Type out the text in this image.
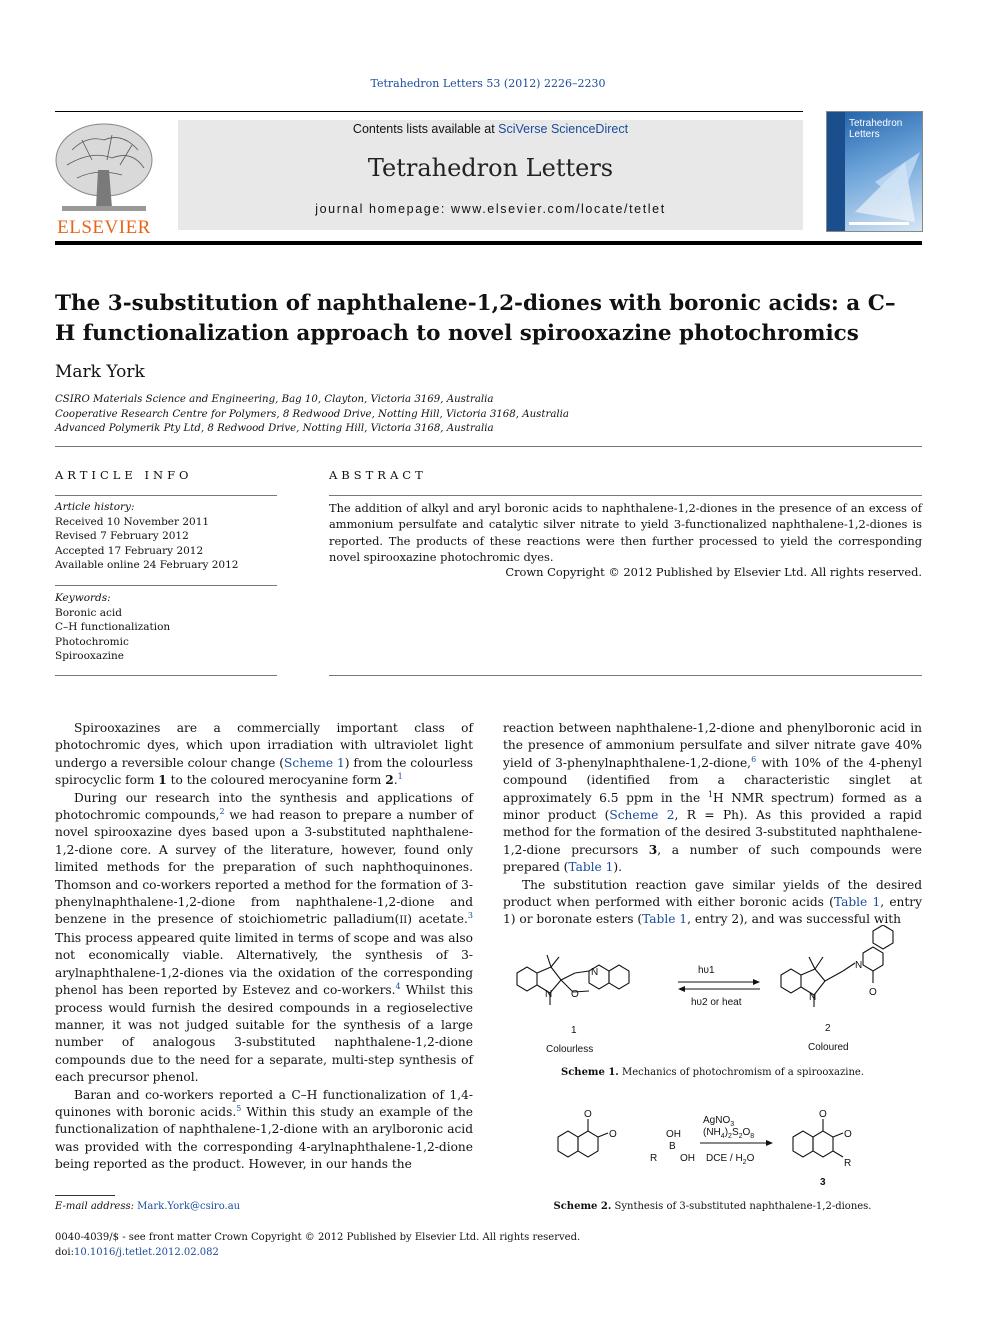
Tetrahedron Letters 53 (2012) 2226–2230
ELSEVIER
Contents lists available at SciVerse ScienceDirect
Tetrahedron Letters
journal homepage: www.elsevier.com/locate/tetlet
Tetrahedron
Letters
The 3-substitution of naphthalene-1,2-diones with boronic acids: a C–H functionalization approach to novel spirooxazine photochromics
Mark York
CSIRO Materials Science and Engineering, Bag 10, Clayton, Victoria 3169, Australia
Cooperative Research Centre for Polymers, 8 Redwood Drive, Notting Hill, Victoria 3168, Australia
Advanced Polymerik Pty Ltd, 8 Redwood Drive, Notting Hill, Victoria 3168, Australia
ARTICLE INFO
Article history:
Received 10 November 2011
Revised 7 February 2012
Accepted 17 February 2012
Available online 24 February 2012
Keywords:
Boronic acid
C–H functionalization
Photochromic
Spirooxazine
ABSTRACT
The addition of alkyl and aryl boronic acids to naphthalene-1,2-diones in the presence of an excess of ammonium persulfate and catalytic silver nitrate to yield 3-functionalized naphthalene-1,2-diones is reported. The products of these reactions were then further processed to yield the corresponding novel spirooxazine photochromic dyes.
Crown Copyright © 2012 Published by Elsevier Ltd. All rights reserved.

Spirooxazines are a commercially important class of photochromic dyes, which upon irradiation with ultraviolet light undergo a reversible colour change (Scheme 1) from the colourless spirocyclic form 1 to the coloured merocyanine form 2.$^1$

During our research into the synthesis and applications of photochromic compounds,$^2$ we had reason to prepare a number of novel spirooxazine dyes based upon a 3-substituted naphthalene-1,2-dione core. A survey of the literature, however, found only limited methods for the preparation of such naphthoquinones. Thomson and co-workers reported a method for the formation of 3-phenylnaphthalene-1,2-dione from naphthalene-1,2-dione and benzene in the presence of stoichiometric palladium(II) acetate.$^3$ This process appeared quite limited in terms of scope and was also not economically viable. Alternatively, the synthesis of 3-arylnaphthalene-1,2-diones via the oxidation of the corresponding phenol has been reported by Estevez and co-workers.$^4$ Whilst this process would furnish the desired compounds in a regioselective manner, it was not judged suitable for the synthesis of a large number of analogous 3-substituted naphthalene-1,2-dione compounds due to the need for a separate, multi-step synthesis of each precursor phenol.

Baran and co-workers reported a C–H functionalization of 1,4-quinones with boronic acids.$^5$ Within this study an example of the functionalization of naphthalene-1,2-dione with an arylboronic acid was provided with the corresponding 4-arylnaphthalene-1,2-dione being reported as the product. However, in our hands the

reaction between naphthalene-1,2-dione and phenylboronic acid in the presence of ammonium persulfate and silver nitrate gave 40% yield of 3-phenylnaphthalene-1,2-dione,$^6$ with 10% of the 4-phenyl compound (identified from a characteristic singlet at approximately 6.5 ppm in the $^1$H NMR spectrum) formed as a minor product (Scheme 2, R = Ph). As this provided a rapid method for the formation of the desired 3-substituted naphthalene-1,2-dione precursors 3, a number of such compounds were prepared (Table 1).

The substitution reaction gave similar yields of the desired product when performed with either boronic acids (Table 1, entry 1) or boronate esters (Table 1, entry 2), and was successful with

N
N O
1
Colourless
hυ1
hυ2 or heat
N
N	O
2
Coloured
Scheme 1. Mechanics of photochromism of a spirooxazine.
O
O	OH
B
R OH
AgNO$_3$
$(NH_4)_2S_2O_8$
DCE / $H_2O$
O
O
R
3
Scheme 2. Synthesis of 3-substituted naphthalene-1,2-diones.
E-mail address: Mark.York@csiro.au
0040-4039/$ - see front matter Crown Copyright © 2012 Published by Elsevier Ltd. All rights reserved.
doi:10.1016/j.tetlet.2012.02.082
